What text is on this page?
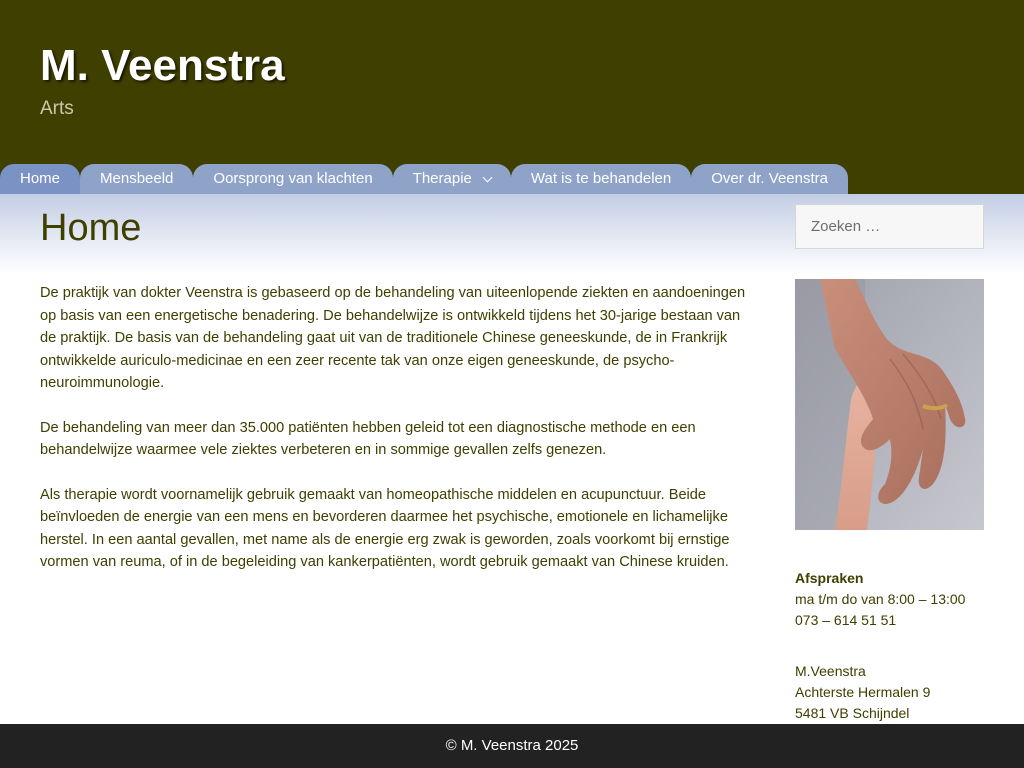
M. Veenstra
Arts
Home	Mensbeeld	Oorsprong van klachten	Therapie	Wat is te behandelen	Over dr. Veenstra
Home

De praktijk van dokter Veenstra is gebaseerd op de behandeling van uiteenlopende ziekten en aandoeningen op basis van een energetische benadering. De behandelwijze is ontwikkeld tijdens het 30-jarige bestaan van de praktijk. De basis van de behandeling gaat uit van de traditionele Chinese geneeskunde, de in Frankrijk ontwikkelde auriculo-medicinae en een zeer recente tak van onze eigen geneeskunde, de psycho-neuroimmunologie.

De behandeling van meer dan 35.000 patiënten hebben geleid tot een diagnostische methode en een behandelwijze waarmee vele ziektes verbeteren en in sommige gevallen zelfs genezen.

Als therapie wordt voornamelijk gebruik gemaakt van homeopathische middelen en acupunctuur. Beide beïnvloeden de energie van een mens en bevorderen daarmee het psychische, emotionele en lichamelijke herstel. In een aantal gevallen, met name als de energie erg zwak is geworden, zoals voorkomt bij ernstige vormen van reuma, of in de begeleiding van kankerpatiënten, wordt gebruik gemaakt van Chinese kruiden.

Zoeken …
Afspraken
ma t/m do van 8:00 – 13:00
073 – 614 51 51
M.Veenstra
Achterste Hermalen 9
5481 VB Schijndel
© M. Veenstra 2025
